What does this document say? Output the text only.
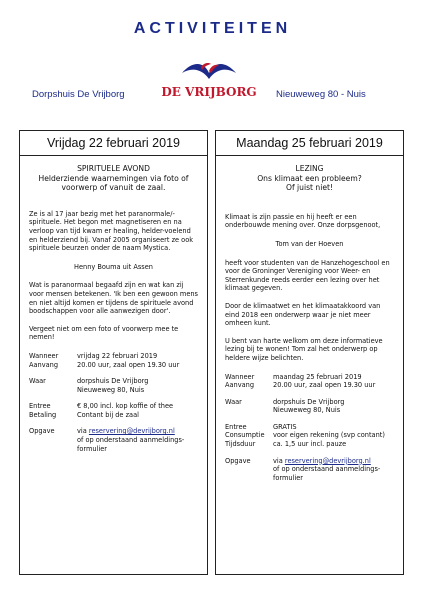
ACTIVITEITEN
Dorpshuis De Vrijborg	Nieuweweg 80 - Nuis
DE VRIJBORG
Vrijdag 22 februari 2019

SPIRITUELE AVOND

Helderziende waarnemingen via foto of voorwerp of vanuit de zaal.

Ze is al 17 jaar bezig met het paranormale/-spirituele. Het begon met magnetiseren en na verloop van tijd kwam er healing, helder-voelend en helderziend bij. Vanaf 2005 organiseert ze ook spirituele beurzen onder de naam Mystica.

Henny Bouma uit Assen

Wat is paranormaal begaafd zijn en wat kan zij voor mensen betekenen. 'Ik ben een gewoon mens en niet altijd komen er tijdens de spirituele avond boodschappen voor alle aanwezigen door'.

Vergeet niet om een foto of voorwerp mee te nemen!

Wanneer	vrijdag 22 februari 2019
Aanvang	20.00 uur, zaal open 19.30 uur
Waar	dorpshuis De Vrijborg
Nieuweweg 80, Nuis
Entree	€ 8,00 incl. kop koffie of thee
Betaling	Contant bij de zaal
Opgave	via reservering@devrijborg.nl
of op onderstaand aanmeldings-formulier
Maandag 25 februari 2019

LEZING

Ons klimaat een probleem?

Of juist niet!

Klimaat is zijn passie en hij heeft er een onderbouwde mening over. Onze dorpsgenoot,

Tom van der Hoeven

heeft voor studenten van de Hanzehogeschool en voor de Groninger Vereniging voor Weer- en Sterrenkunde reeds eerder een lezing over het klimaat gegeven.

Door de klimaatwet en het klimaatakkoord van eind 2018 een onderwerp waar je niet meer omheen kunt.

U bent van harte welkom om deze informatieve lezing bij te wonen! Tom zal het onderwerp op heldere wijze belichten.

Wanneer	maandag 25 februari 2019
Aanvang	20.00 uur, zaal open 19.30 uur
Waar	dorpshuis De Vrijborg
Nieuweweg 80, Nuis
Entree	GRATIS
Consumptie	voor eigen rekening (svp contant)
Tijdsduur	ca. 1,5 uur incl. pauze
Opgave	via reservering@devrijborg.nl
of op onderstaand aanmeldings-formulier
